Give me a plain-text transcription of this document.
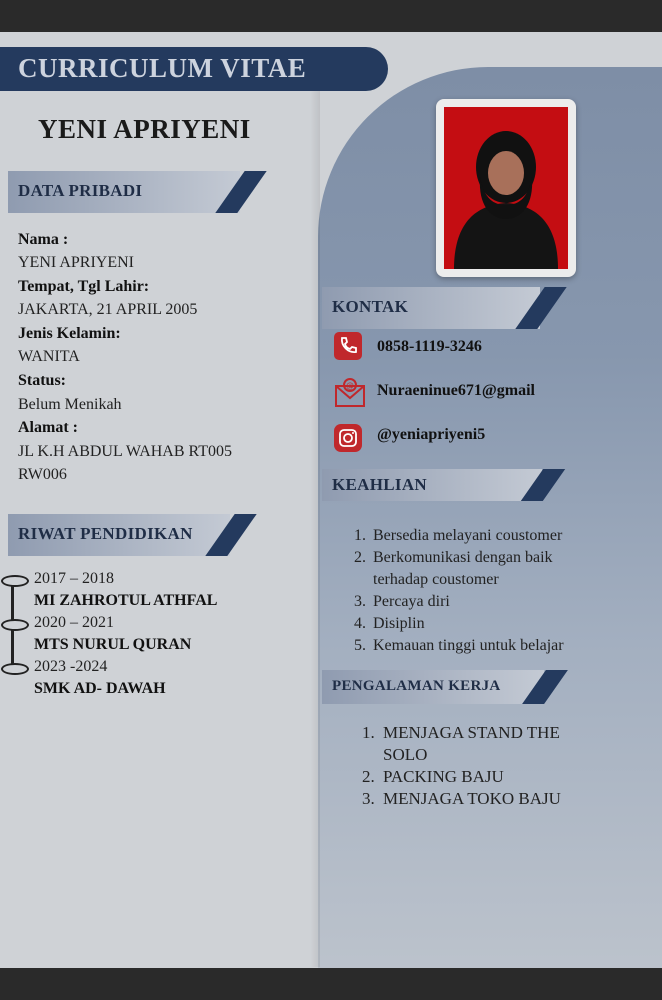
CURRICULUM VITAE
YENI APRIYENI
DATA PRIBADI
Nama :
YENI APRIYENI
Tempat, Tgl Lahir:
JAKARTA, 21 APRIL 2005
Jenis Kelamin:
WANITA
Status:
Belum Menikah
Alamat :
JL K.H ABDUL WAHAB RT005
RW006
RIWAT PENDIDIKAN
2017 – 2018
MI ZAHROTUL ATHFAL
2020 – 2021
MTS NURUL QURAN
2023 -2024
SMK AD- DAWAH
KONTAK
0858-1119-3246
@ Nuraeninue671@gmail
@yeniapriyeni5
KEAHLIAN
1. Bersedia melayani coustomer
2. Berkomunikasi dengan baik
terhadap coustomer
3. Percaya diri
4. Disiplin
5. Kemauan tinggi untuk belajar
PENGALAMAN KERJA
1. MENJAGA STAND THE
SOLO
2. PACKING BAJU
3. MENJAGA TOKO BAJU
